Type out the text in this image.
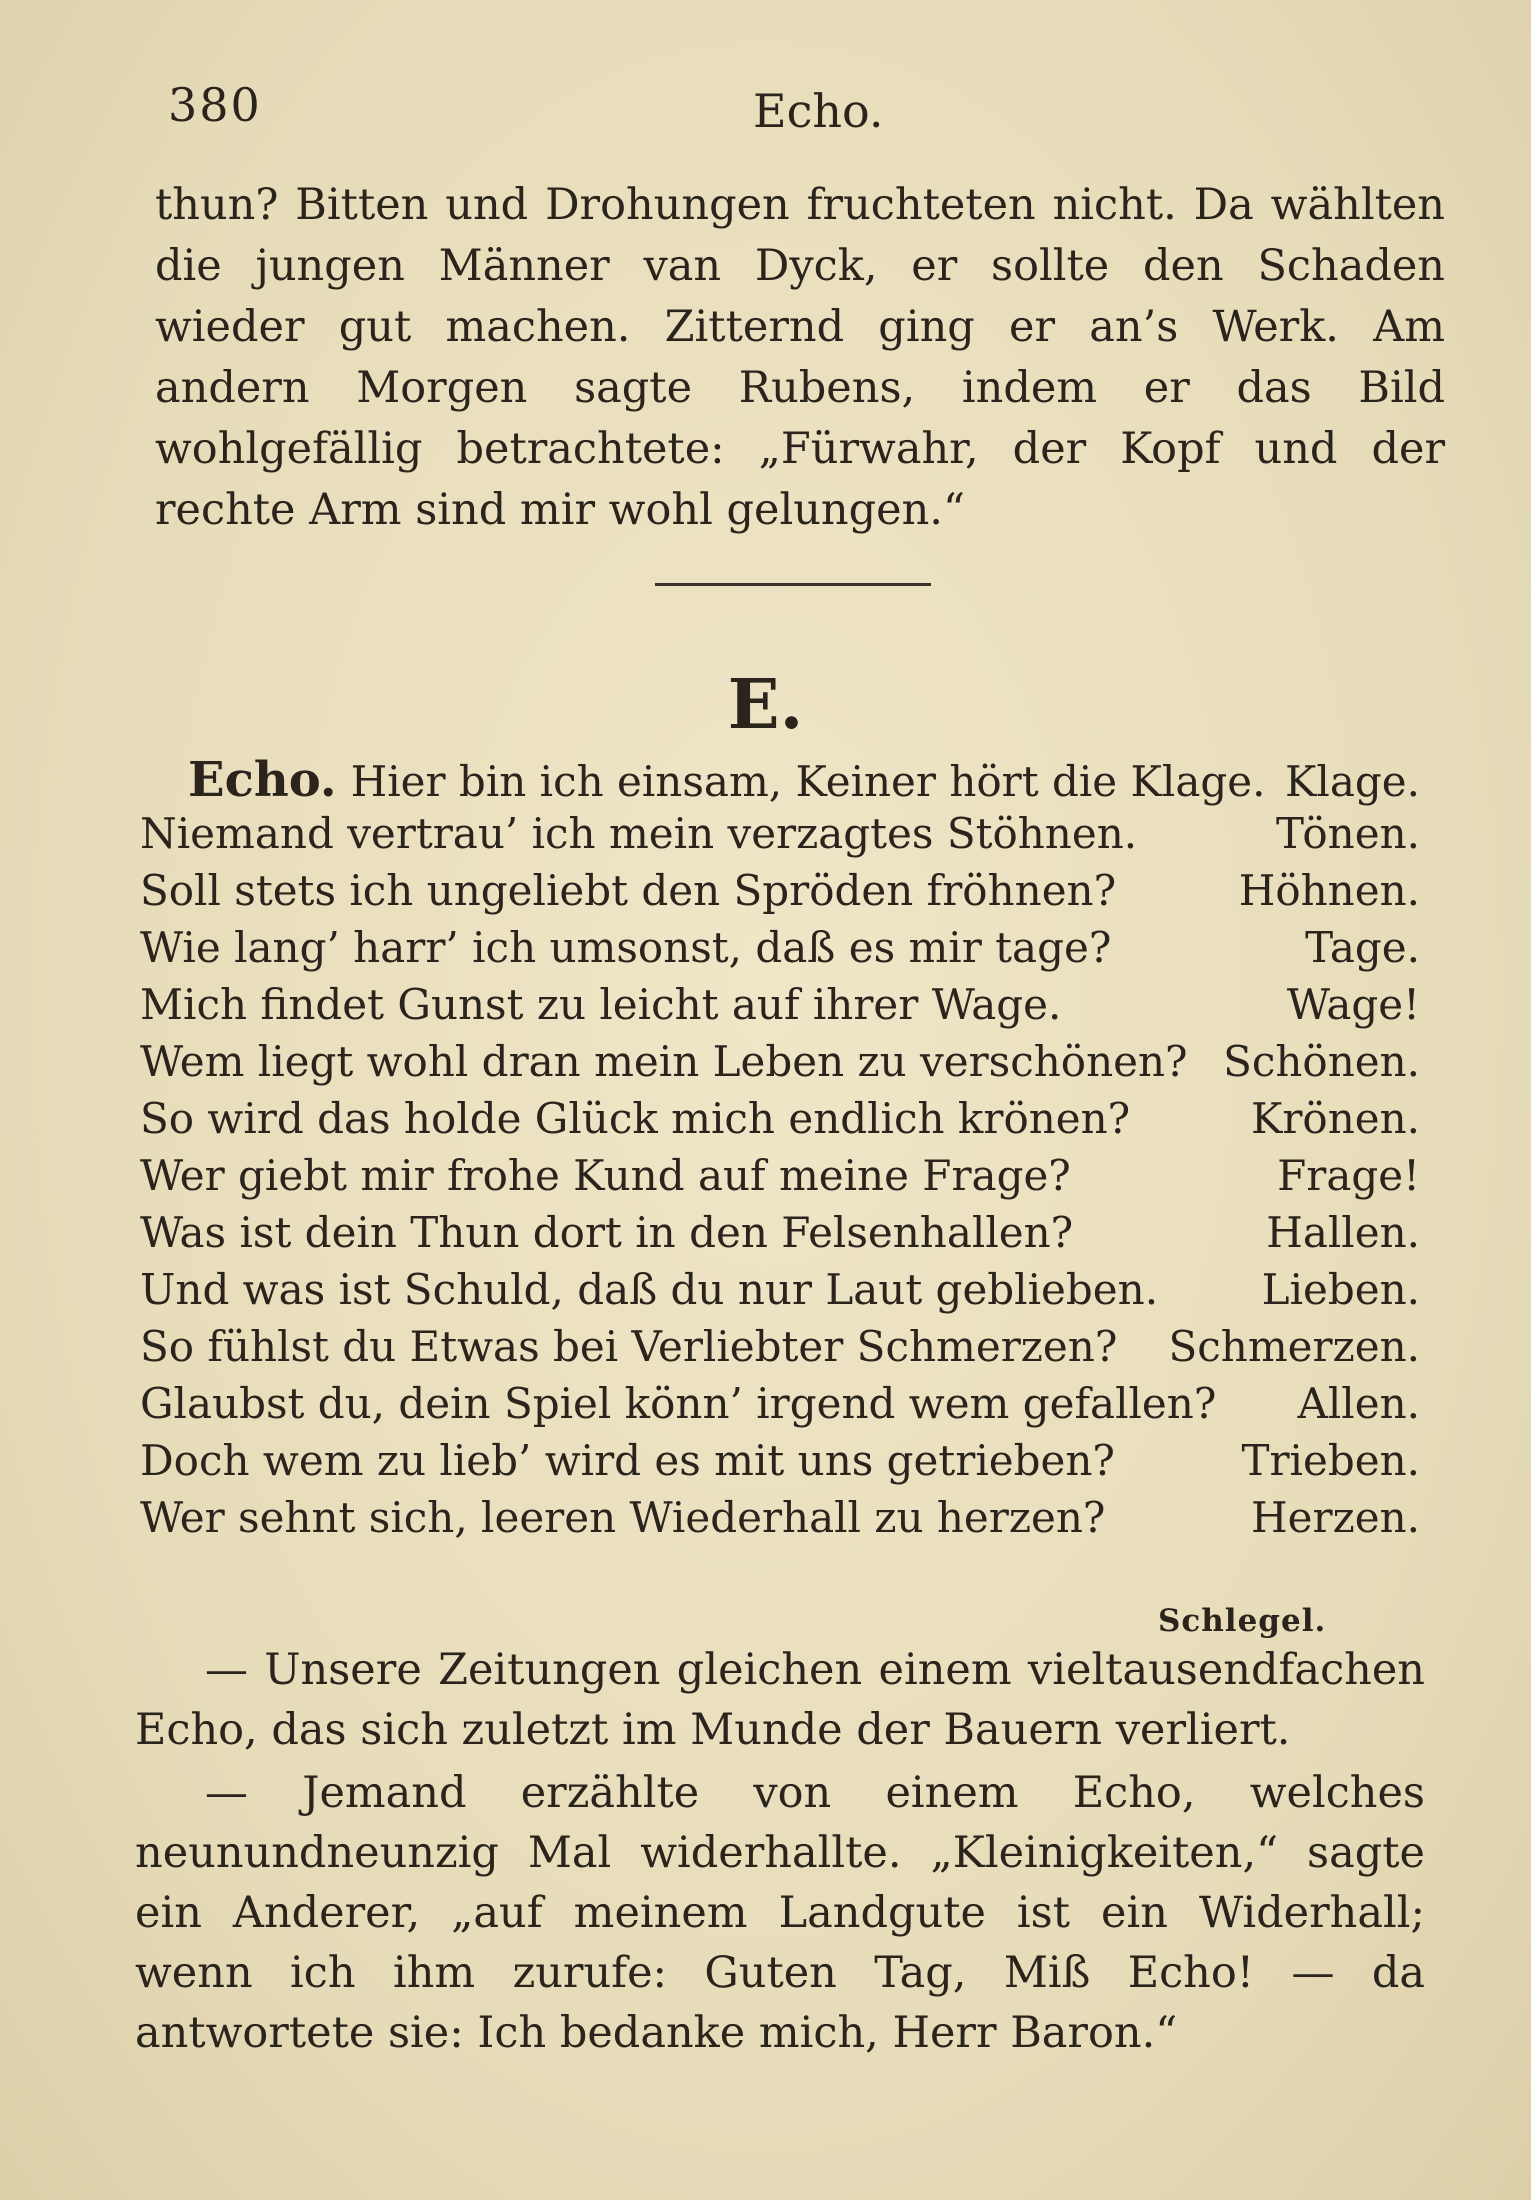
380	Echo.

thun? Bitten und Drohungen fruchteten nicht. Da wählten die jungen Männer van Dyck, er sollte den Schaden wieder gut machen. Zitternd ging er an’s Werk. Am andern Morgen sagte Rubens, indem er das Bild wohlgefällig betrachtete: „Fürwahr, der Kopf und der rechte Arm sind mir wohl gelungen.“

E.
Echo. Hier bin ich einsam, Keiner hört die Klage. Klage.
Niemand vertrau’ ich mein verzagtes Stöhnen.	Tönen.
Soll stets ich ungeliebt den Spröden fröhnen?	Höhnen.
Wie lang’ harr’ ich umsonst, daß es mir tage?	Tage.
Mich findet Gunst zu leicht auf ihrer Wage.	Wage!
Wem liegt wohl dran mein Leben zu verschönen? Schönen.
So wird das holde Glück mich endlich krönen?	Krönen.
Wer giebt mir frohe Kund auf meine Frage?	Frage!
Was ist dein Thun dort in den Felsenhallen?	Hallen.
Und was ist Schuld, daß du nur Laut geblieben. Lieben.
So fühlst du Etwas bei Verliebter Schmerzen? Schmerzen.
Glaubst du, dein Spiel könn’ irgend wem gefallen? Allen.
Doch wem zu lieb’ wird es mit uns getrieben?	Trieben.
Wer sehnt sich, leeren Wiederhall zu herzen?	Herzen.
Schlegel.

— Unsere Zeitungen gleichen einem vieltausendfachen Echo, das sich zuletzt im Munde der Bauern verliert.

— Jemand erzählte von einem Echo, welches neunundneunzig Mal widerhallte. „Kleinigkeiten,“ sagte ein Anderer, „auf meinem Landgute ist ein Widerhall; wenn ich ihm zurufe: Guten Tag, Miß Echo! — da antwortete sie: Ich bedanke mich, Herr Baron.“
